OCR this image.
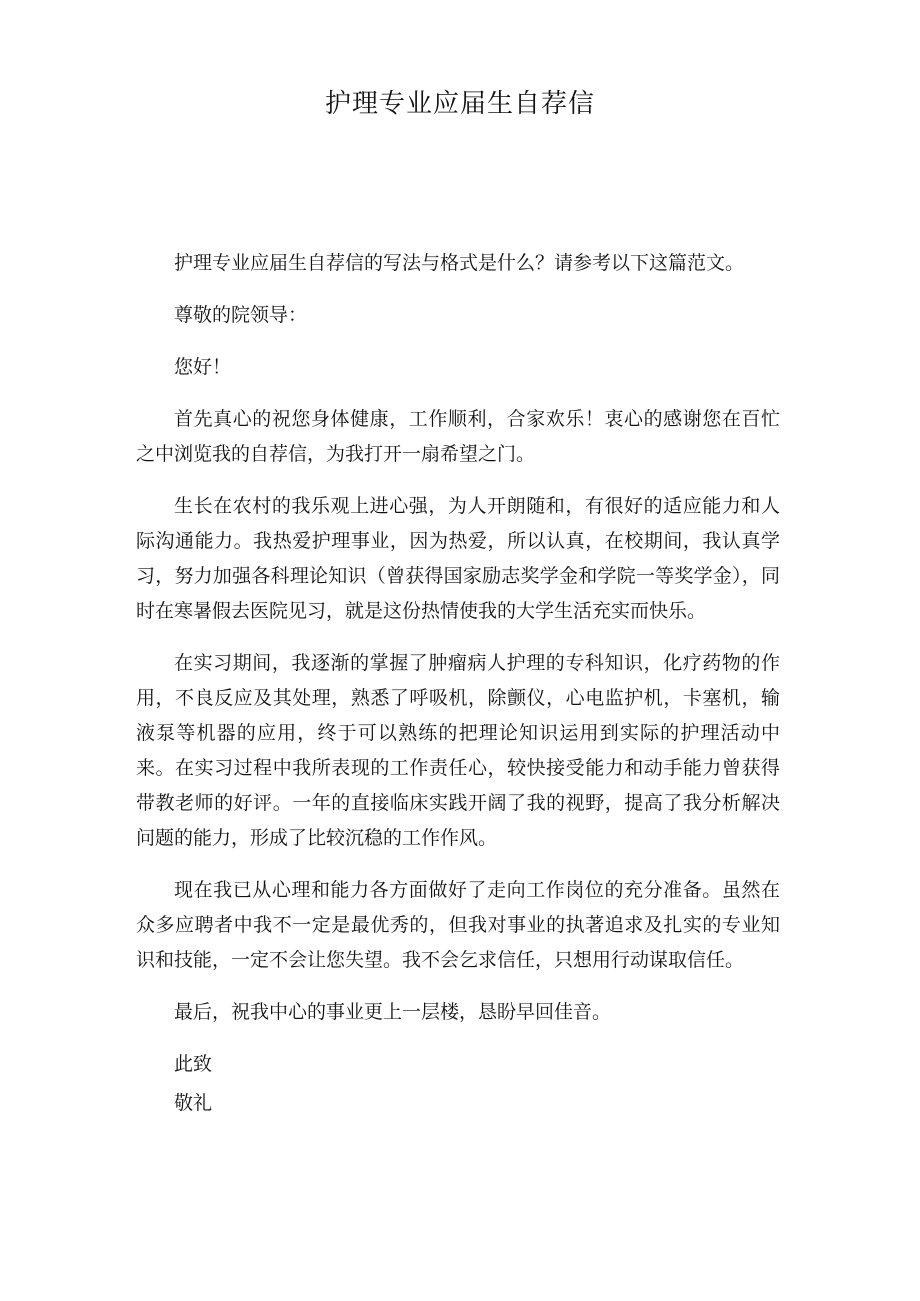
护理专业应届生自荐信

护理专业应届生自荐信的写法与格式是什么？请参考以下这篇范文。

尊敬的院领导：

您好！

首先真心的祝您身体健康，工作顺利，合家欢乐！衷心的感谢您在百忙之中浏览我的自荐信，为我打开一扇希望之门。

生长在农村的我乐观上进心强，为人开朗随和，有很好的适应能力和人际沟通能力。我热爱护理事业，因为热爱，所以认真，在校期间，我认真学习，努力加强各科理论知识（曾获得国家励志奖学金和学院一等奖学金），同时在寒暑假去医院见习，就是这份热情使我的大学生活充实而快乐。

在实习期间，我逐渐的掌握了肿瘤病人护理的专科知识，化疗药物的作用，不良反应及其处理，熟悉了呼吸机，除颤仪，心电监护机，卡塞机，输液泵等机器的应用，终于可以熟练的把理论知识运用到实际的护理活动中来。在实习过程中我所表现的工作责任心，较快接受能力和动手能力曾获得带教老师的好评。一年的直接临床实践开阔了我的视野，提高了我分析解决问题的能力，形成了比较沉稳的工作作风。

现在我已从心理和能力各方面做好了走向工作岗位的充分准备。虽然在众多应聘者中我不一定是最优秀的，但我对事业的执著追求及扎实的专业知识和技能，一定不会让您失望。我不会乞求信任，只想用行动谋取信任。

最后，祝我中心的事业更上一层楼，恳盼早回佳音。

此致

敬礼
